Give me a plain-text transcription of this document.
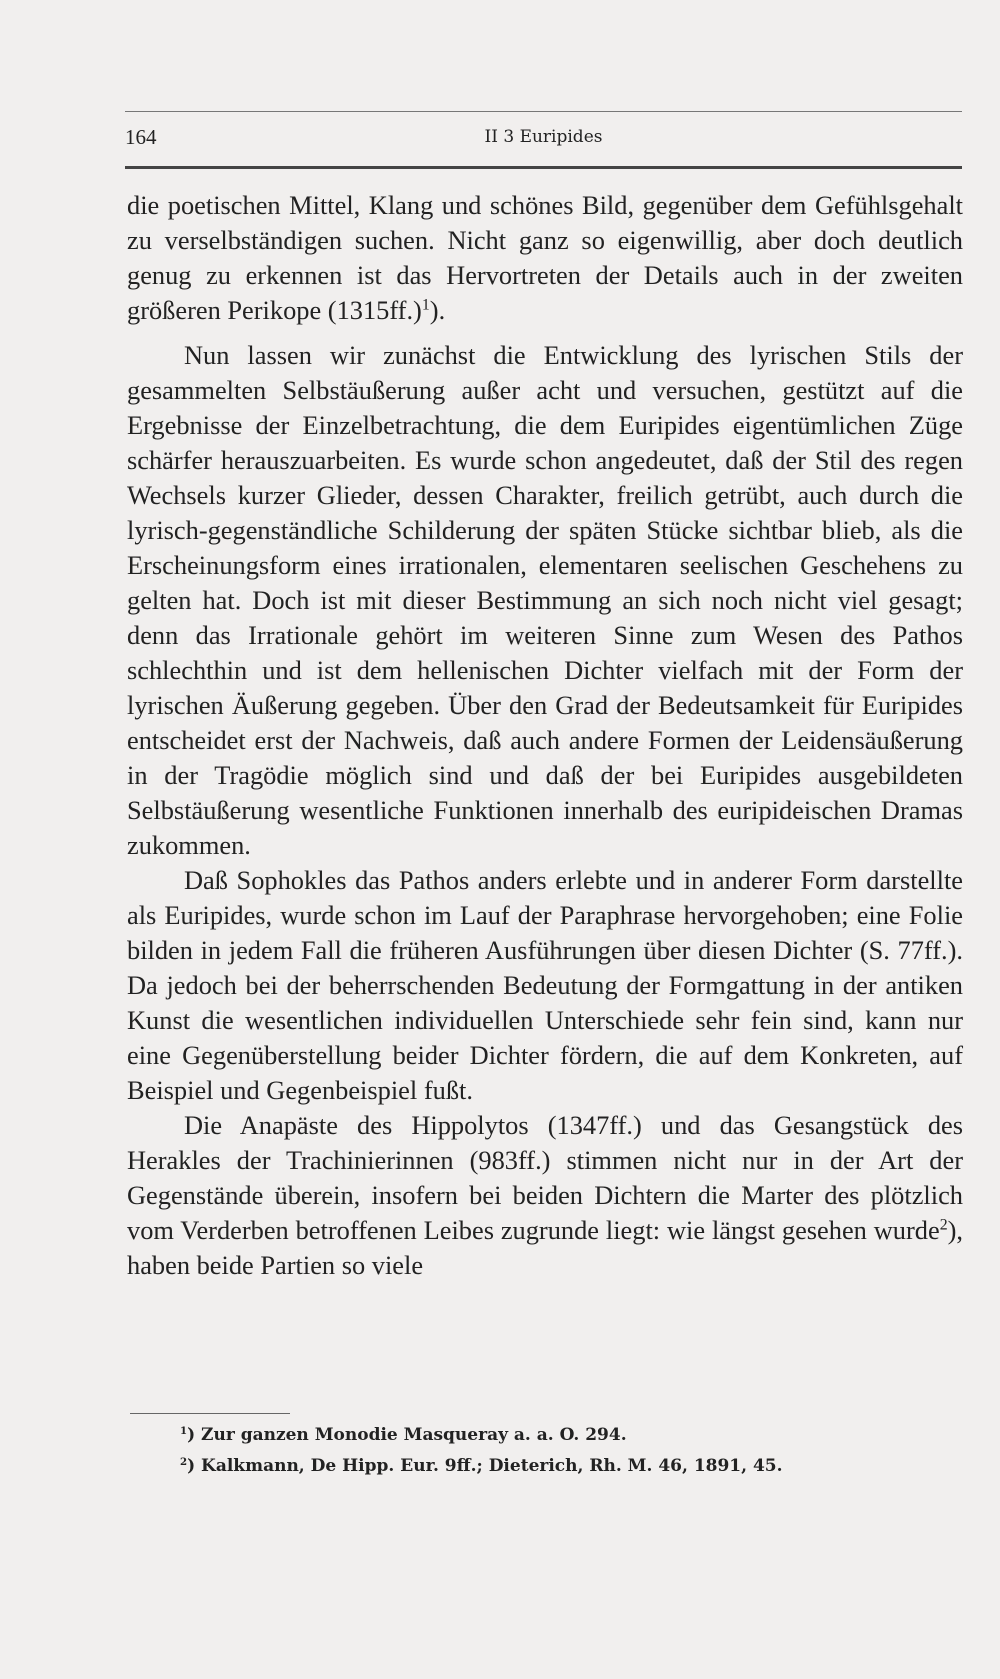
164	II 3 Euripides

die poetischen Mittel, Klang und schönes Bild, gegenüber dem Gefühlsgehalt zu verselbständigen suchen. Nicht ganz so eigenwillig, aber doch deutlich genug zu erkennen ist das Hervortreten der Details auch in der zweiten größeren Perikope $(1315ff.)^1$).

Nun lassen wir zunächst die Entwicklung des lyrischen Stils der gesammelten Selbstäußerung außer acht und versuchen, gestützt auf die Ergebnisse der Einzelbetrachtung, die dem Euripides eigentümlichen Züge schärfer herauszuarbeiten. Es wurde schon angedeutet, daß der Stil des regen Wechsels kurzer Glieder, dessen Charakter, freilich getrübt, auch durch die lyrisch-gegenständliche Schilderung der späten Stücke sichtbar blieb, als die Erscheinungsform eines irrationalen, elementaren seelischen Geschehens zu gelten hat. Doch ist mit dieser Bestimmung an sich noch nicht viel gesagt; denn das Irrationale gehört im weiteren Sinne zum Wesen des Pathos schlechthin und ist dem hellenischen Dichter vielfach mit der Form der lyrischen Äußerung gegeben. Über den Grad der Bedeutsamkeit für Euripides entscheidet erst der Nachweis, daß auch andere Formen der Leidensäußerung in der Tragödie möglich sind und daß der bei Euripides ausgebildeten Selbstäußerung wesentliche Funktionen innerhalb des euripideischen Dramas zukommen.

Daß Sophokles das Pathos anders erlebte und in anderer Form darstellte als Euripides, wurde schon im Lauf der Paraphrase hervorgehoben; eine Folie bilden in jedem Fall die früheren Ausführungen über diesen Dichter (S. 77ff.). Da jedoch bei der beherrschenden Bedeutung der Formgattung in der antiken Kunst die wesentlichen individuellen Unterschiede sehr fein sind, kann nur eine Gegenüberstellung beider Dichter fördern, die auf dem Konkreten, auf Beispiel und Gegenbeispiel fußt.

Die Anapäste des Hippolytos (1347ff.) und das Gesangstück des Herakles der Trachinierinnen (983ff.) stimmen nicht nur in der Art der Gegenstände überein, insofern bei beiden Dichtern die Marter des plötzlich vom Verderben betroffenen Leibes zugrunde liegt: wie längst gesehen wurde$^2$), haben beide Partien so viele

$^1$) Zur ganzen Monodie Masqueray a. a. O. 294.
$^2$) Kalkmann, De Hipp. Eur. 9ff.; Dieterich, Rh. M. 46, 1891, 45.
